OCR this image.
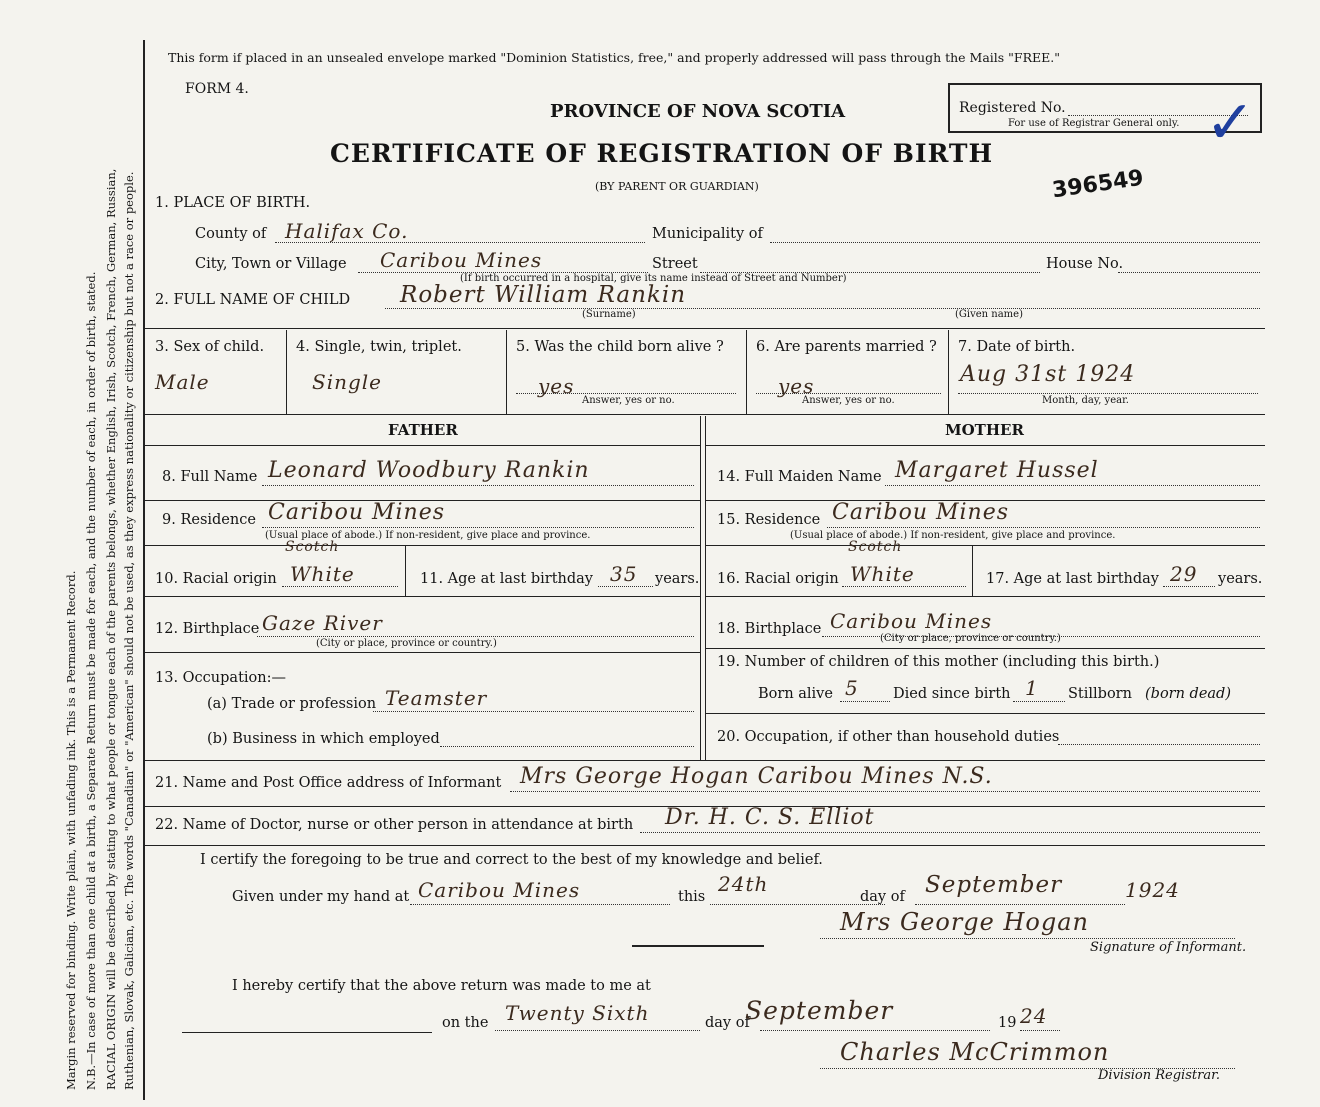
Margin reserved for binding. Write plain, with unfading ink. This is a Permanent Record. N.B.—In case of more than one child at a birth, a Separate Return must be made for each, and the number of each, in order of birth, stated. RACIAL ORIGIN will be described by stating to what people or tongue each of the parents belongs, whether English, Irish, Scotch, French, German, Russian, Ruthenian, Slovak, Galician, etc. The words "Canadian" or "American" should not be used, as they express nationality or citizenship but not a race or people.
This form if placed in an unsealed envelope marked "Dominion Statistics, free," and properly addressed will pass through the Mails "FREE."
FORM 4.
PROVINCE OF NOVA SCOTIA
CERTIFICATE OF REGISTRATION OF BIRTH
(BY PARENT OR GUARDIAN)
Registered No.
For use of Registrar General only. ✓
396549
1. PLACE OF BIRTH.
County of Halifax Co.	Municipality of
City, Town or Village Caribou Mines	Street
(If birth occurred in a hospital, give its name instead of Street and Number)
House No.
2. FULL NAME OF CHILD Robert William Rankin
(Surname)	(Given name)
3. Sex of child.
Male
4. Single, twin, triplet.
Single
5. Was the child born alive ?
yes
Answer, yes or no.
6. Are parents married ?
yes
Answer, yes or no.
7. Date of birth.
Aug 31st 1924
Month, day, year.
FATHER	MOTHER
8. Full Name Leonard Woodbury Rankin
9. Residence Caribou Mines
(Usual place of abode.) If non-resident, give place and province.
Scotch
10. Racial origin White	11. Age at last birthday 35 years.
12. Birthplace Gaze River
(City or place, province or country.)
13. Occupation:—
(a) Trade or profession Teamster
(b) Business in which employed
14. Full Maiden Name Margaret Hussel
15. Residence Caribou Mines
(Usual place of abode.) If non-resident, give place and province.
Scotch
16. Racial origin White	17. Age at last birthday 29 years.
18. Birthplace Caribou Mines
(City or place, province or country.)
19. Number of children of this mother (including this birth.)
Born alive 5 Died since birth 1 Stillborn (born dead)
20. Occupation, if other than household duties
21. Name and Post Office address of Informant Mrs George Hogan Caribou Mines N.S.
22. Name of Doctor, nurse or other person in attendance at birth Dr. H. C. S. Elliot
I certify the foregoing to be true and correct to the best of my knowledge and belief.
Given under my hand at Caribou Mines	this
24th
day of September	1924
Mrs George Hogan
Signature of Informant.
I hereby certify that the above return was made to me at
on the Twenty Sixth	day of
September	19 24
Charles McCrimmon
Division Registrar.
